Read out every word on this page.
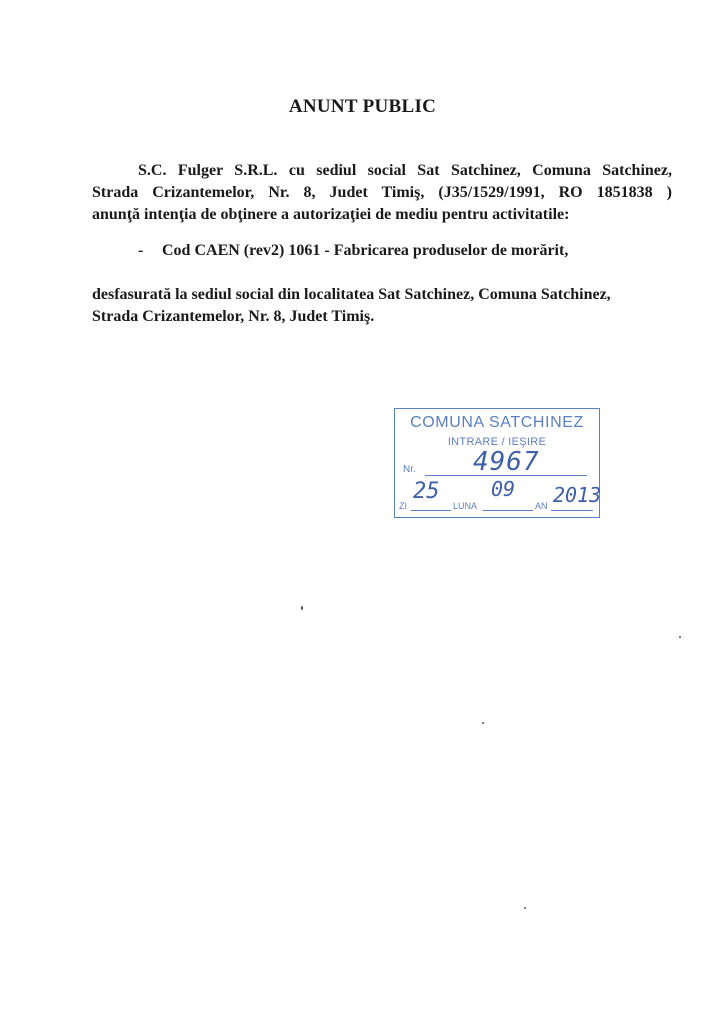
ANUNT PUBLIC
S.C. Fulger S.R.L. cu sediul social Sat Satchinez, Comuna Satchinez,
Strada Crizantemelor, Nr. 8, Judet Timiş, (J35/1529/1991, RO 1851838 )
anunţă intenţia de obţinere a autorizaţiei de mediu pentru activitatile:
- Cod CAEN (rev2) 1061 - Fabricarea produselor de morărit,
desfasurată la sediul social din localitatea Sat Satchinez, Comuna Satchinez,
Strada Crizantemelor, Nr. 8, Judet Timiş.
COMUNA SATCHINEZ
INTRARE / IEŞIRE
Nr. 4967
ZI
25
LUNA
09
AN 2013
